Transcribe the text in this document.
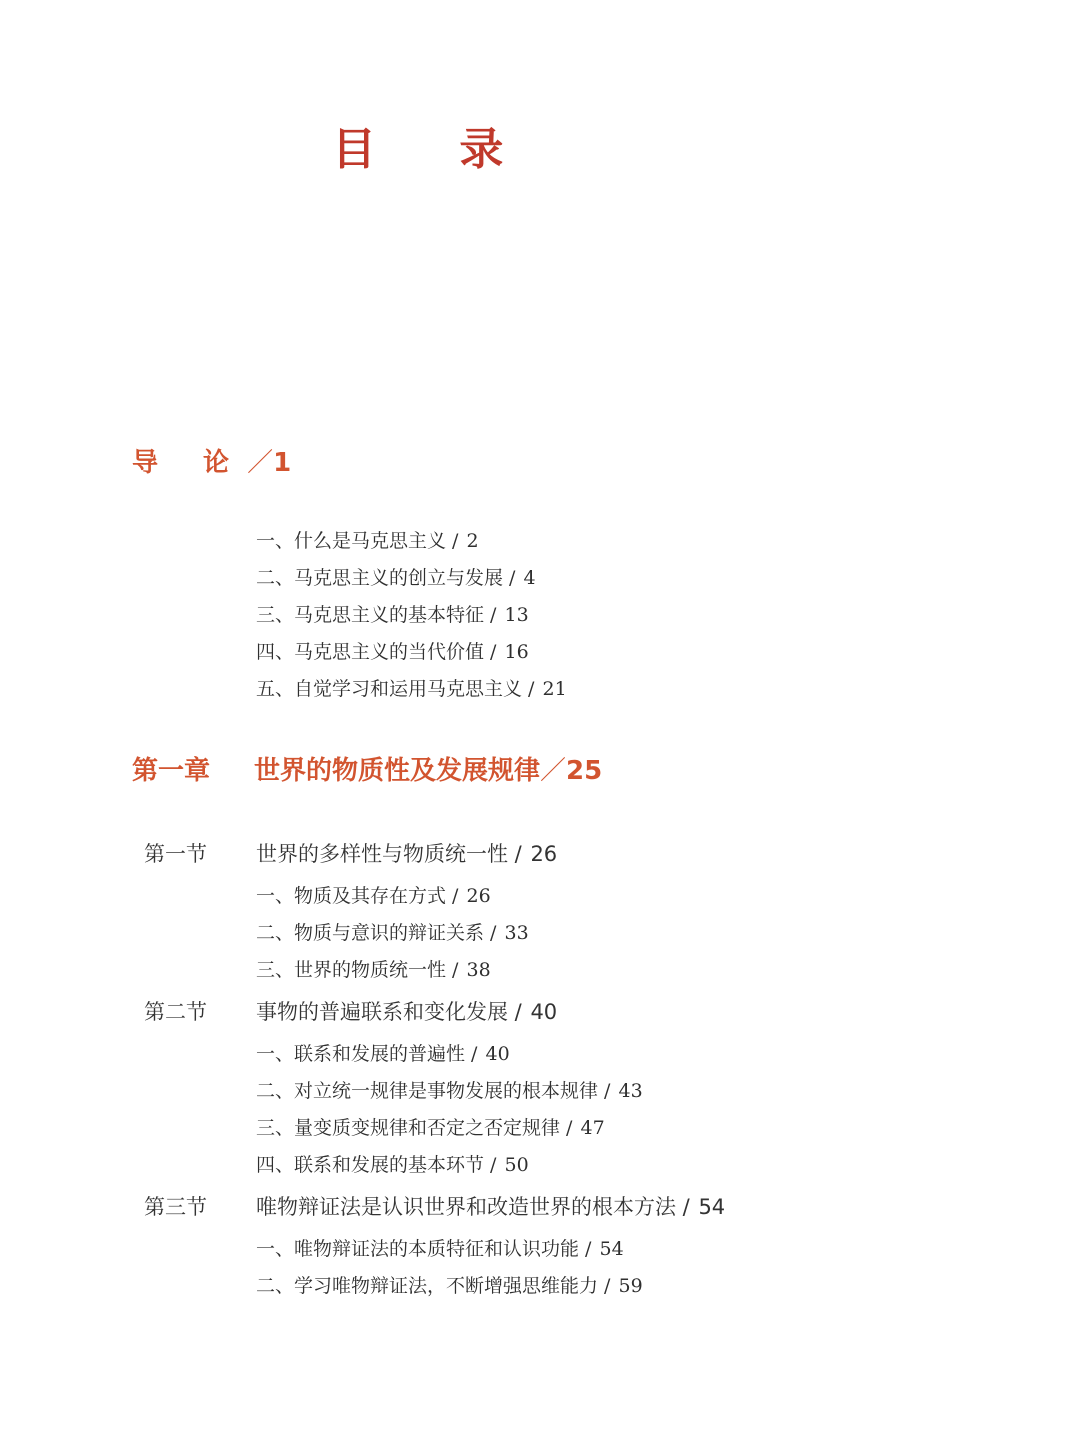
目 录
导 论／1
一、什么是马克思主义 / 2
二、马克思主义的创立与发展 / 4
三、马克思主义的基本特征 / 13
四、马克思主义的当代价值 / 16
五、自觉学习和运用马克思主义 / 21
第一章 世界的物质性及发展规律／25
第一节 世界的多样性与物质统一性 / 26
一、物质及其存在方式 / 26
二、物质与意识的辩证关系 / 33
三、世界的物质统一性 / 38
第二节 事物的普遍联系和变化发展 / 40
一、联系和发展的普遍性 / 40
二、对立统一规律是事物发展的根本规律 / 43
三、量变质变规律和否定之否定规律 / 47
四、联系和发展的基本环节 / 50
第三节 唯物辩证法是认识世界和改造世界的根本方法 / 54
一、唯物辩证法的本质特征和认识功能 / 54
二、学习唯物辩证法，不断增强思维能力 / 59
